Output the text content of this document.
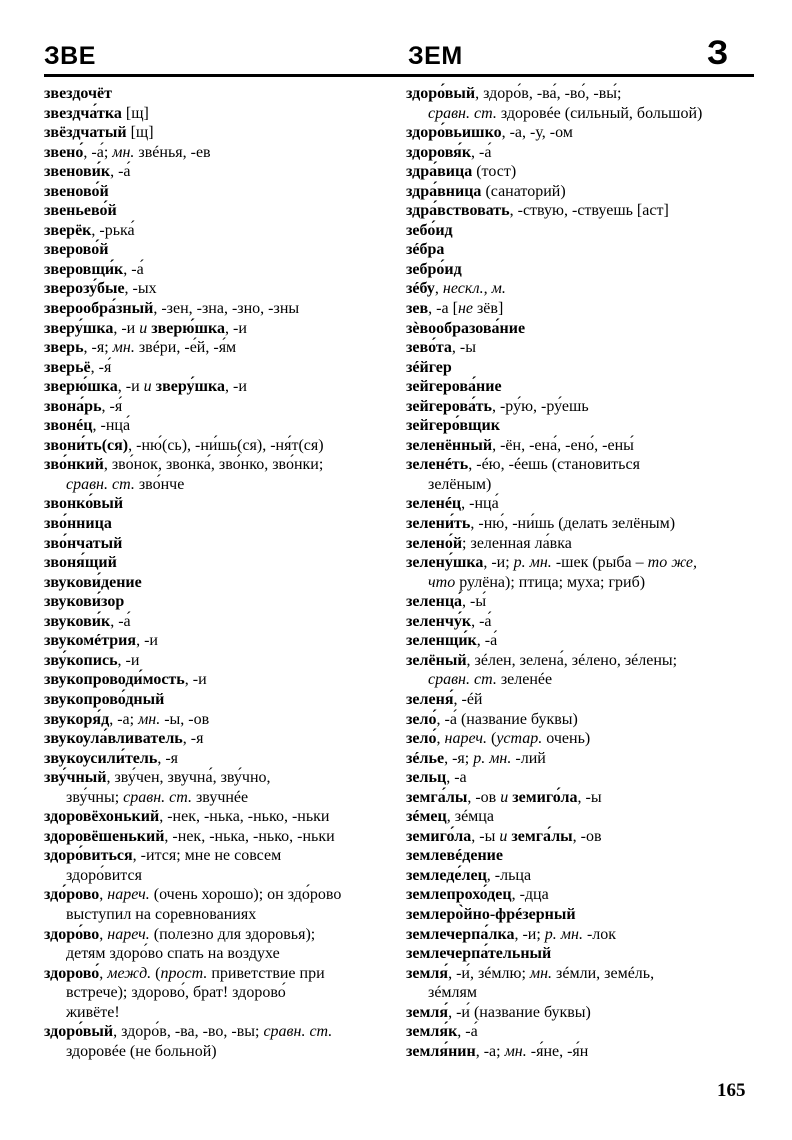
ЗВЕ	ЗЕМ	З
звездочёт
звездча́тка [щ]
звёздчатый [щ]
звено́, -а́; мн. звéнья, -ев
звенови́к, -а́
звеново́й
звеньево́й
зверёк, -рька́
зверово́й
зверовщи́к, -а́
зверозу́бые, -ых
зверообра́зный, -зен, -зна, -зно, -зны
зверу́шка, -и и зверю́шка, -и
зверь, -я; мн. звéри, -е́й, -я́м
зверьё, -я́
зверю́шка, -и и зверу́шка, -и
звона́рь, -я́
звонéц, -нца́
звони́ть(ся), -ню́(сь), -ни́шь(ся), -ня́т(ся)
зво́нкий, зво́нок, звонка́, зво́нко, зво́нки;
сравн. ст. зво́нче
звонко́вый
зво́нница
зво́нчатый
звоня́щий
звукови́дение
звукови́зор
звукови́к, -а́
звукомéтрия, -и
зву́копись, -и
звукопроводи́мость, -и
звукопрово́дный
звукоря́д, -а; мн. -ы, -ов
звукоула́вливатель, -я
звукоусили́тель, -я
зву́чный, зву́чен, звучна́, зву́чно,
зву́чны; сравн. ст. звучнéе
здоровёхонький, -нек, -нька, -нько, -ньки
здоровёшенький, -нек, -нька, -нько, -ньки
здоро́виться, -ится; мне не совсем
здоро́вится
здо́рово, нареч. (очень хорошо); он здо́рово
выступил на соревнованиях
здоро́во, нареч. (полезно для здоровья);
детям здоро́во спать на воздухе
здорово́, межд. (прост. приветствие при
встрече); здорово́, брат! здорово́
живёте!
здоро́вый, здоро́в, -ва, -во, -вы; сравн. ст.
здоровéе (не больной)
здоро́вый, здоро́в, -ва́, -во́, -вы́;
сравн. ст. здоровéе (сильный, большой)
здоро́вьишко, -а, -у, -ом
здоровя́к, -а́
здра́вица (тост)
здра́вница (санаторий)
здра́вствовать, -ствую, -ствуешь [аст]
зебо́ид
зéбра
зебро́ид
зéбу, нескл., м.
зев, -а [не зёв]
зѐвообразова́ние
зево́та, -ы
зéйгер
зейгерова́ние
зейгерова́ть, -ру́ю, -ру́ешь
зейгеро́вщик
зеленённый, -ён, -ена́, -ено́, -ены́
зеленéть, -éю, -éешь (становиться
зелёным)
зеленéц, -нца́
зелени́ть, -ню́, -ни́шь (делать зелёным)
зелено́й; зеленная ла́вка
зелену́шка, -и; р. мн. -шек (рыба – то же,
что рулёна); птица; муха; гриб)
зеленца́, -ы́
зеленчу́к, -а́
зеленщи́к, -а́
зелёный, зéлен, зелена́, зéлено, зéлены;
сравн. ст. зеленéе
зеленя́, -éй
зело́, -а́ (название буквы)
зело́, нареч. (устар. очень)
зéлье, -я; р. мн. -лий
зельц, -а
земга́лы, -ов и земиго́ла, -ы
зéмец, зéмца
земиго́ла, -ы и земга́лы, -ов
землевéдение
земледе́лец, -льца
землепрохо́дец, -дца
землеро̀йно-фрéзерный
землечерпа́лка, -и; р. мн. -лок
землечерпа́тельный
земля́, -и́, зéмлю; мн. зéмли, земéль,
зéмлям
земля́, -и́ (название буквы)
земля́к, -а́
земля́нин, -а; мн. -я́не, -я́н
165
